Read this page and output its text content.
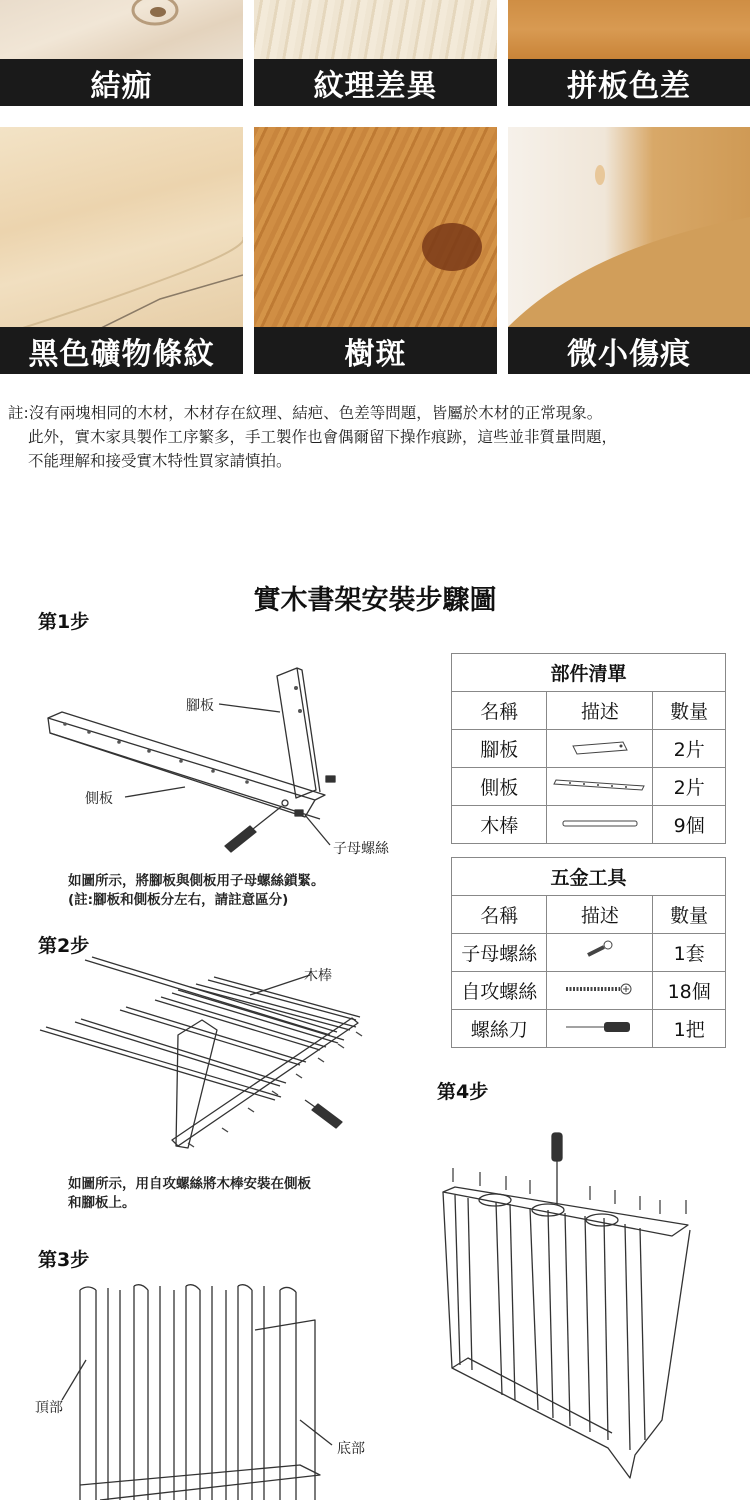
結痂	紋理差異	拼板色差
黑色礦物條紋	樹斑	微小傷痕
註:沒有兩塊相同的木材，木材存在紋理、結疤、色差等問題，皆屬於木材的正常現象。
此外，實木家具製作工序繁多，手工製作也會偶爾留下操作痕跡，這些並非質量問題，
不能理解和接受實木特性買家請慎拍。
實木書架安裝步驟圖
第1步
第2步
第3步
第4步
腳板
側板
子母螺絲
木棒
頂部
底部
如圖所示，將腳板與側板用子母螺絲鎖緊。
(註:腳板和側板分左右，請註意區分)
如圖所示，用自攻螺絲將木棒安裝在側板
和腳板上。
部件清單		
名稱	描述	數量
腳板		2片
側板		2片
木棒		9個
五金工具		
名稱	描述	數量
子母螺絲		1套
自攻螺絲		18個
螺絲刀		1把
